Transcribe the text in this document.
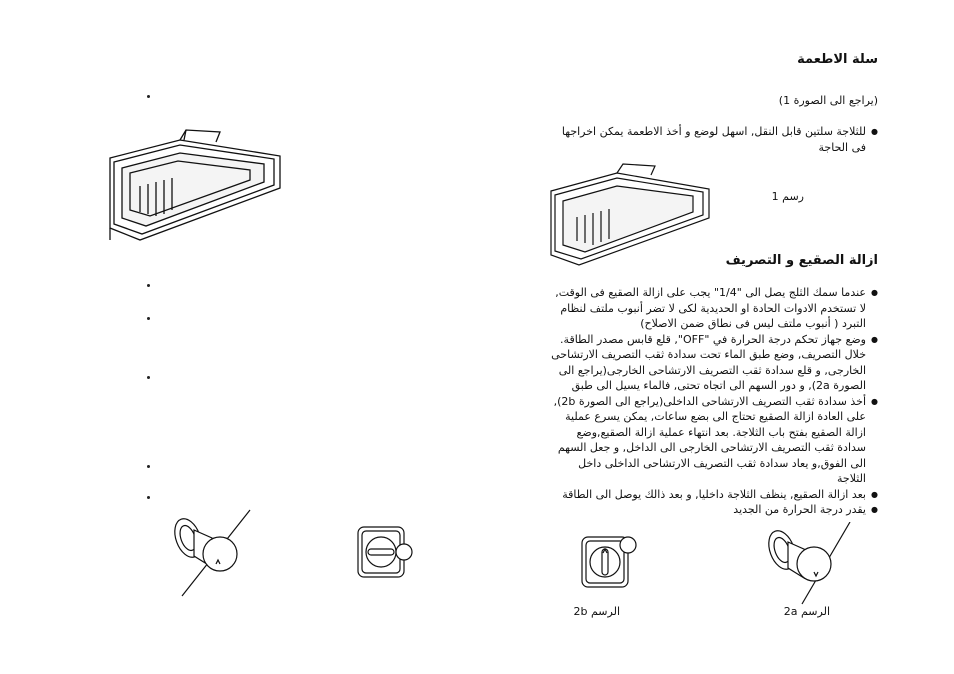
سلة الاطعمة
(يراجع الى الصورة 1)
● للثلاجة سلتين قابل النقل, اسهل لوضع و أخذ الاطعمة يمكن اخراجها فى الحاجة
رسم 1
ازالة الصقيع و التصريف
● عندما سمك الثلج يصل الى "1/4" يجب على ازالة الصقيع فى الوقت, لا تستخدم الادوات الحادة او الحديدية لكى لا تضر أنبوب ملتف لنظام التبرد ( أنبوب ملتف ليس فى نطاق ضمن الاصلاح)
● وضع جهاز تحكم درجة الحرارة في "OFF", قلع قابس مصدر الطاقة. خلال التصريف, وضع طبق الماء تحت سدادة ثقب التصريف الارتشاحى الخارجى, و قلع سدادة ثقب التصريف الارتشاحى الخارجى(يراجع الى الصورة 2a), و دور السهم الى اتجاه تحتى, فالماء يسيل الى طبق
● أخذ سدادة ثقب التصريف الارتشاحى الداخلى(يراجع الى الصورة 2b), على العادة ازالة الصقيع تحتاج الى بضع ساعات, يمكن يسرع عملية ازالة الصقيع بفتح باب الثلاجة. بعد انتهاء عملية ازالة الصقيع,وضع سدادة ثقب التصريف الارتشاحى الخارجى الى الداخل, و جعل السهم الى الفوق,و يعاد سدادة ثقب التصريف الارتشاحى الداخلى داخل الثلاجة
● بعد ازالة الصقيع, ينظف الثلاجة داخليا, و بعد ذالك يوصل الى الطاقة
● يقدر درجة الحرارة من الجديد
الرسم 2b	الرسم 2a
